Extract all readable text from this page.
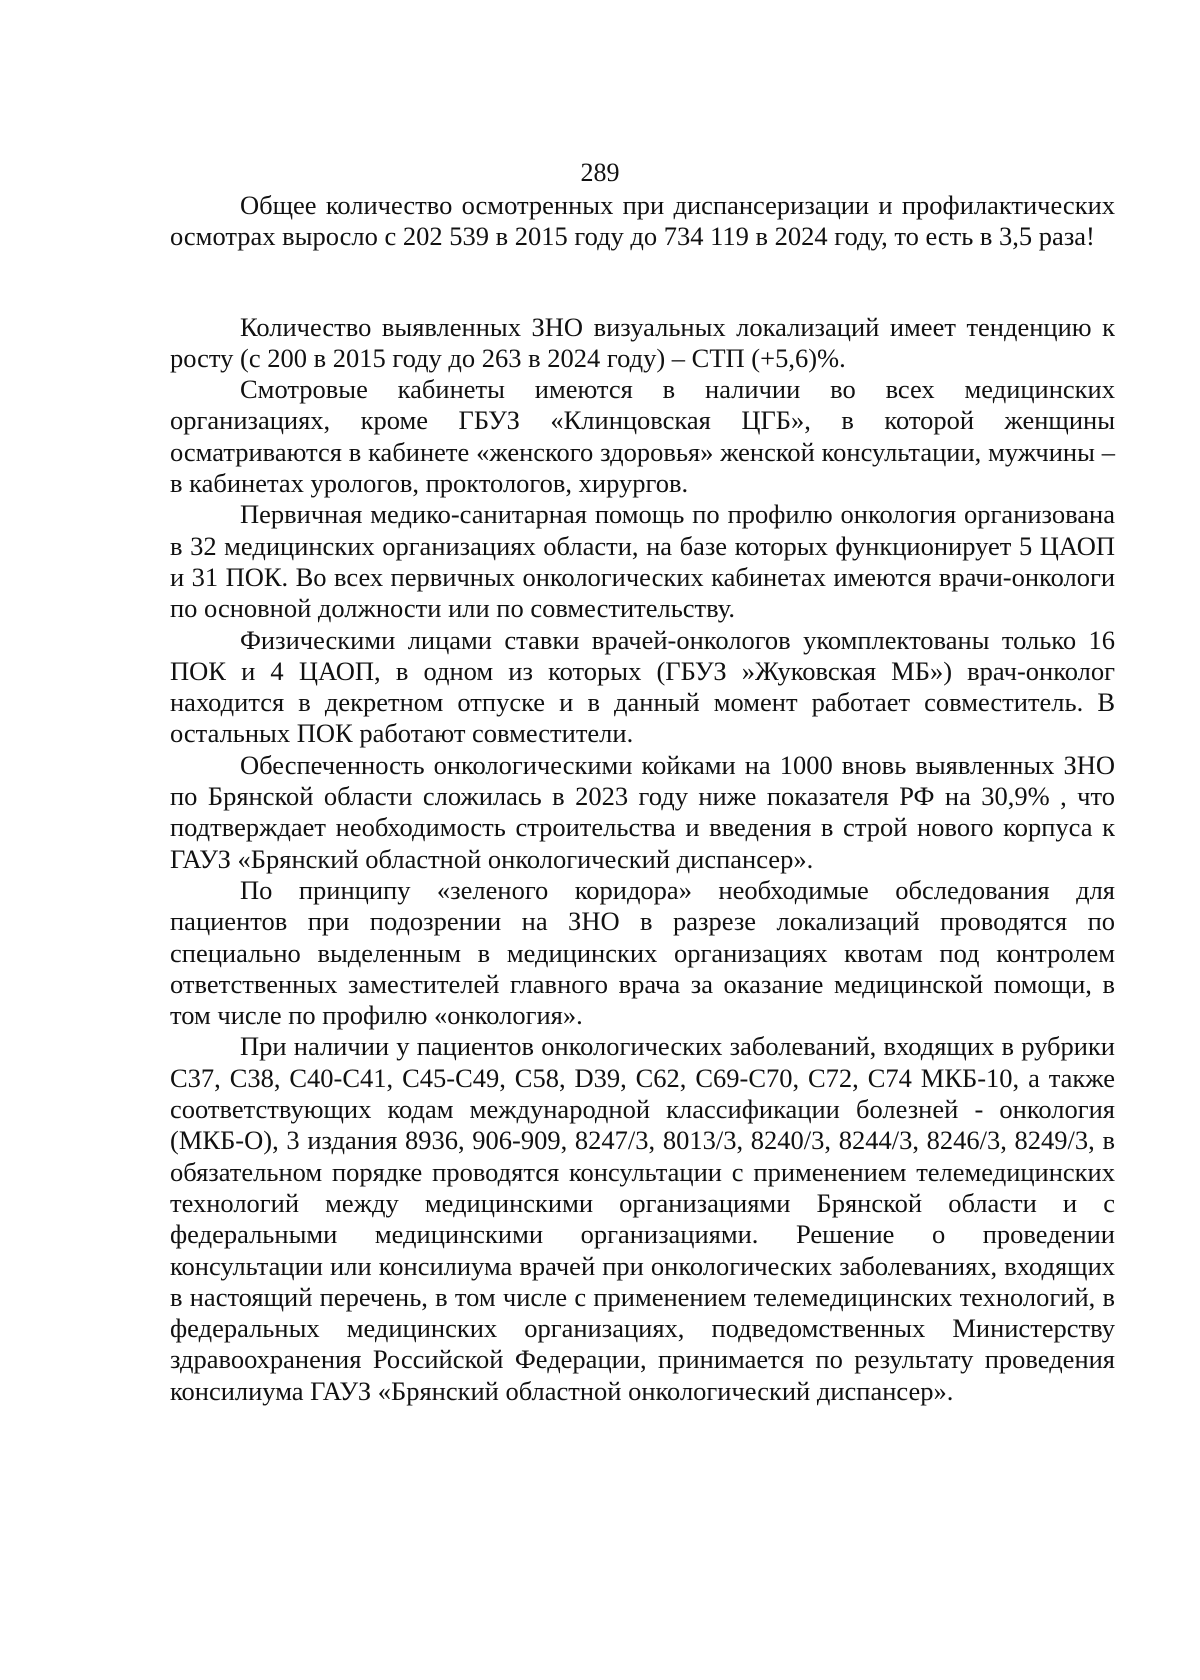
289

Общее количество осмотренных при диспансеризации и профилактических осмотрах выросло с 202 539 в 2015 году до 734 119 в 2024 году, то есть в 3,5 раза!

Количество выявленных ЗНО визуальных локализаций имеет тенденцию к росту (с 200 в 2015 году до 263 в 2024 году) – СТП (+5,6)%.

Смотровые кабинеты имеются в наличии во всех медицинских организациях, кроме ГБУЗ «Клинцовская ЦГБ», в которой женщины осматриваются в кабинете «женского здоровья» женской консультации, мужчины – в кабинетах урологов, проктологов, хирургов.

Первичная медико-санитарная помощь по профилю онкология организована в 32 медицинских организациях области, на базе которых функционирует 5 ЦАОП и 31 ПОК. Во всех первичных онкологических кабинетах имеются врачи-онкологи по основной должности или по совместительству.

Физическими лицами ставки врачей-онкологов укомплектованы только 16 ПОК и 4 ЦАОП, в одном из которых (ГБУЗ »Жуковская МБ») врач-онколог находится в декретном отпуске и в данный момент работает совместитель. В остальных ПОК работают совместители.

Обеспеченность онкологическими койками на 1000 вновь выявленных ЗНО по Брянской области сложилась в 2023 году ниже показателя РФ на 30,9% , что подтверждает необходимость строительства и введения в строй нового корпуса к ГАУЗ «Брянский областной онкологический диспансер».

По принципу «зеленого коридора» необходимые обследования для пациентов при подозрении на ЗНО в разрезе локализаций проводятся по специально выделенным в медицинских организациях квотам под контролем ответственных заместителей главного врача за оказание медицинской помощи, в том числе по профилю «онкология».

При наличии у пациентов онкологических заболеваний, входящих в рубрики С37, С38, С40-С41, С45-С49, С58, D39, С62, С69-С70, С72, С74 МКБ-10, а также соответствующих кодам международной классификации болезней - онкология (МКБ-О), 3 издания 8936, 906-909, 8247/3, 8013/3, 8240/3, 8244/3, 8246/3, 8249/3, в обязательном порядке проводятся консультации с применением телемедицинских технологий между медицинскими организациями Брянской области и с федеральными медицинскими организациями. Решение о проведении консультации или консилиума врачей при онкологических заболеваниях, входящих в настоящий перечень, в том числе с применением телемедицинских технологий, в федеральных медицинских организациях, подведомственных Министерству здравоохранения Российской Федерации, принимается по результату проведения консилиума ГАУЗ «Брянский областной онкологический диспансер».
